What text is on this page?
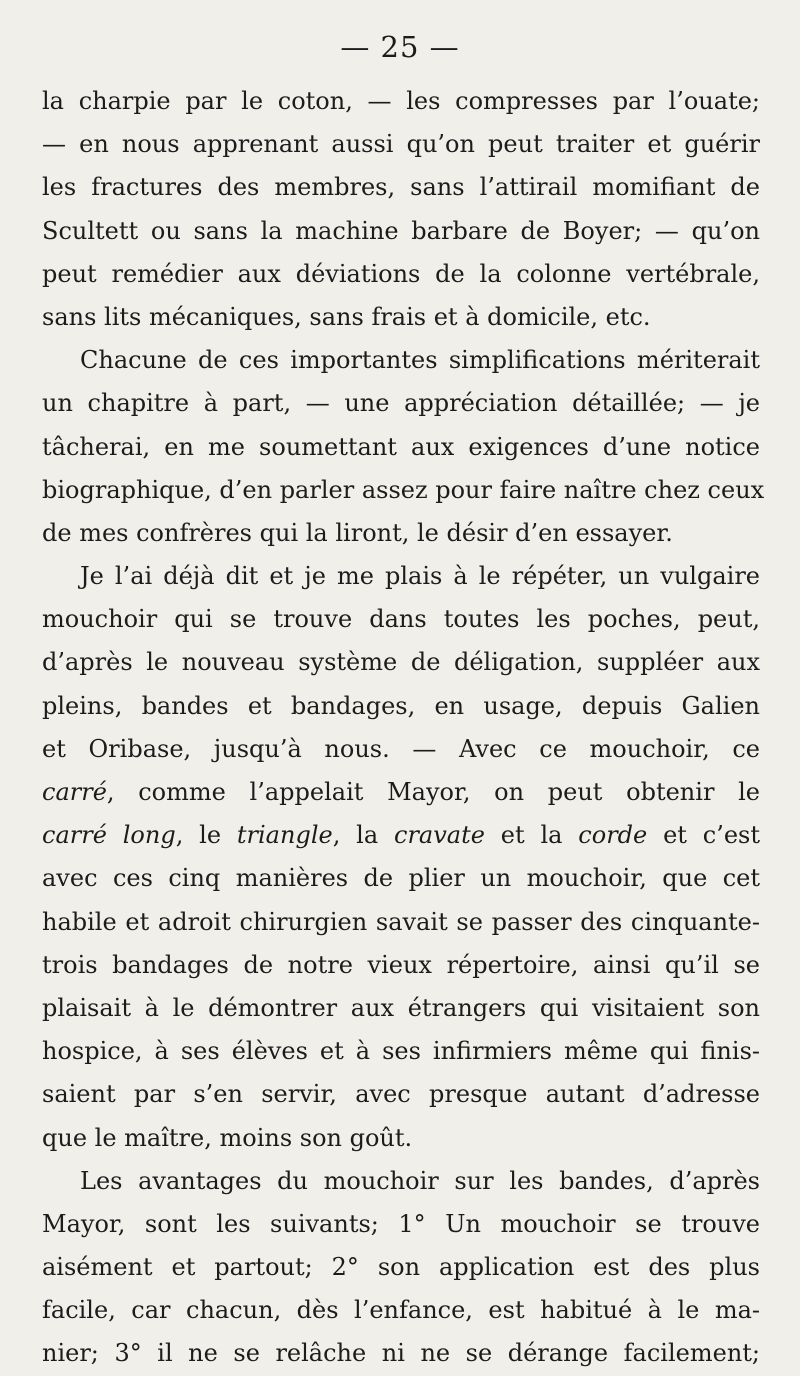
— 25 —
la charpie par le coton, — les compresses par l’ouate;
— en nous apprenant aussi qu’on peut traiter et guérir
les fractures des membres, sans l’attirail momifiant de
Scultett ou sans la machine barbare de Boyer; — qu’on
peut remédier aux déviations de la colonne vertébrale,
sans lits mécaniques, sans frais et à domicile, etc.
Chacune de ces importantes simplifications mériterait
un chapitre à part, — une appréciation détaillée; — je
tâcherai, en me soumettant aux exigences d’une notice
biographique, d’en parler assez pour faire naître chez ceux
de mes confrères qui la liront, le désir d’en essayer.
Je l’ai déjà dit et je me plais à le répéter, un vulgaire
mouchoir qui se trouve dans toutes les poches, peut,
d’après le nouveau système de déligation, suppléer aux
pleins, bandes et bandages, en usage, depuis Galien
et Oribase, jusqu’à nous. — Avec ce mouchoir, ce
carré, comme l’appelait Mayor, on peut obtenir le
carré long, le triangle, la cravate et la corde et c’est
avec ces cinq manières de plier un mouchoir, que cet
habile et adroit chirurgien savait se passer des cinquante-
trois bandages de notre vieux répertoire, ainsi qu’il se
plaisait à le démontrer aux étrangers qui visitaient son
hospice, à ses élèves et à ses infirmiers même qui finis-
saient par s’en servir, avec presque autant d’adresse
que le maître, moins son goût.
Les avantages du mouchoir sur les bandes, d’après
Mayor, sont les suivants; 1° Un mouchoir se trouve
aisément et partout; 2° son application est des plus
facile, car chacun, dès l’enfance, est habitué à le ma-
nier; 3° il ne se relâche ni ne se dérange facilement;
